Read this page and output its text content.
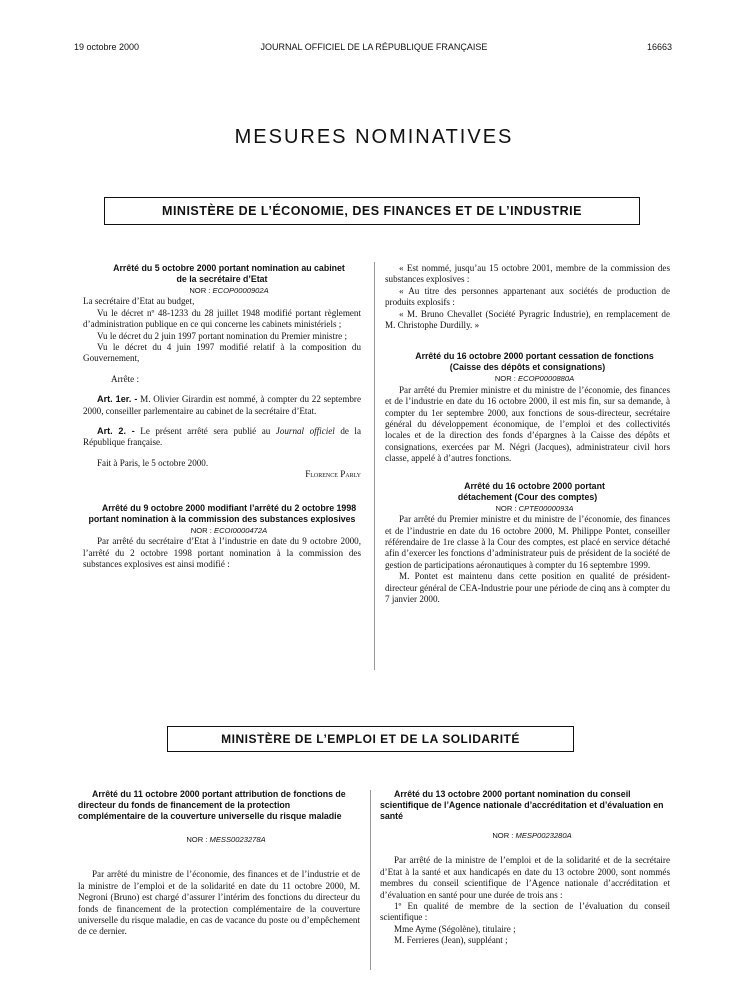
19 octobre 2000	JOURNAL OFFICIEL DE LA RÉPUBLIQUE FRANÇAISE	16663
MESURES NOMINATIVES
MINISTÈRE DE L’ÉCONOMIE, DES FINANCES ET DE L’INDUSTRIE

Arrêté du 5 octobre 2000 portant nomination au cabinet de la secrétaire d’Etat

NOR : ECOP0000902A

La secrétaire d’Etat au budget,

Vu le décret nº 48-1233 du 28 juillet 1948 modifié portant règlement d’administration publique en ce qui concerne les cabinets ministériels ;

Vu le décret du 2 juin 1997 portant nomination du Premier ministre ;

Vu le décret du 4 juin 1997 modifié relatif à la composition du Gouvernement,

Arrête :

Art. 1er. - M. Olivier Girardin est nommé, à compter du 22 septembre 2000, conseiller parlementaire au cabinet de la secrétaire d’Etat.

Art. 2. - Le présent arrêté sera publié au Journal officiel de la République française.

Fait à Paris, le 5 octobre 2000.

Florence Parly

Arrêté du 9 octobre 2000 modifiant l’arrêté du 2 octobre 1998 portant nomination à la commission des substances explosives

NOR : ECOI0000472A

Par arrêté du secrétaire d’Etat à l’industrie en date du 9 octobre 2000, l’arrêté du 2 octobre 1998 portant nomination à la commission des substances explosives est ainsi modifié :

« Est nommé, jusqu’au 15 octobre 2001, membre de la commission des substances explosives :

« Au titre des personnes appartenant aux sociétés de production de produits explosifs :

« M. Bruno Chevallet (Société Pyragric Industrie), en remplacement de M. Christophe Durdilly. »

Arrêté du 16 octobre 2000 portant cessation de fonctions (Caisse des dépôts et consignations)

NOR : ECOP0000880A

Par arrêté du Premier ministre et du ministre de l’économie, des finances et de l’industrie en date du 16 octobre 2000, il est mis fin, sur sa demande, à compter du 1er septembre 2000, aux fonctions de sous-directeur, secrétaire général du développement économique, de l’emploi et des collectivités locales et de la direction des fonds d’épargnes à la Caisse des dépôts et consignations, exercées par M. Négri (Jacques), administrateur civil hors classe, appelé à d’autres fonctions.

Arrêté du 16 octobre 2000 portant détachement (Cour des comptes)

NOR : CPTE0000093A

Par arrêté du Premier ministre et du ministre de l’économie, des finances et de l’industrie en date du 16 octobre 2000, M. Philippe Pontet, conseiller référendaire de 1re classe à la Cour des comptes, est placé en service détaché afin d’exercer les fonctions d’administrateur puis de président de la société de gestion de participations aéronautiques à compter du 16 septembre 1999.

M. Pontet est maintenu dans cette position en qualité de président-directeur général de CEA-Industrie pour une période de cinq ans à compter du 7 janvier 2000.

MINISTÈRE DE L’EMPLOI ET DE LA SOLIDARITÉ

Arrêté du 11 octobre 2000 portant attribution de fonctions de directeur du fonds de financement de la protection complémentaire de la couverture universelle du risque maladie

NOR : MESS0023278A

Par arrêté du ministre de l’économie, des finances et de l’industrie et de la ministre de l’emploi et de la solidarité en date du 11 octobre 2000, M. Negroni (Bruno) est chargé d’assurer l’intérim des fonctions du directeur du fonds de financement de la protection complémentaire de la couverture universelle du risque maladie, en cas de vacance du poste ou d’empêchement de ce dernier.

Arrêté du 13 octobre 2000 portant nomination du conseil scientifique de l’Agence nationale d’accréditation et d’évaluation en santé

NOR : MESP0023280A

Par arrêté de la ministre de l’emploi et de la solidarité et de la secrétaire d’Etat à la santé et aux handicapés en date du 13 octobre 2000, sont nommés membres du conseil scientifique de l’Agence nationale d’accréditation et d’évaluation en santé pour une durée de trois ans :

1º En qualité de membre de la section de l’évaluation du conseil scientifique :

Mme Ayme (Ségolène), titulaire ;

M. Ferrieres (Jean), suppléant ;
